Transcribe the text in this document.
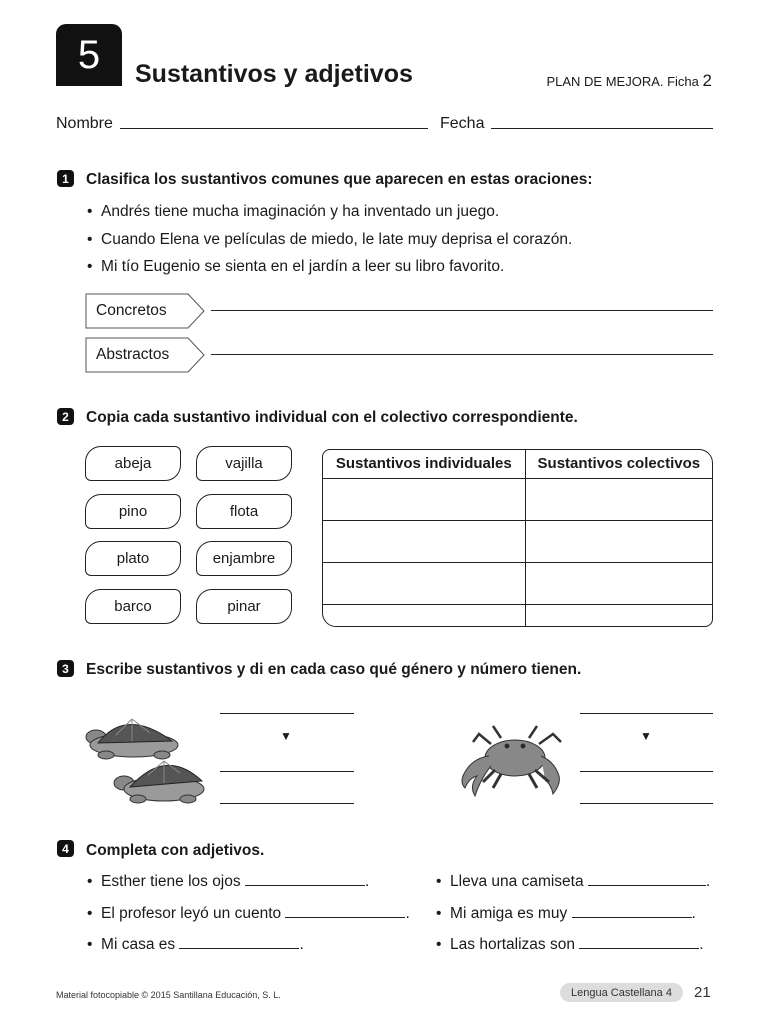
5 Sustantivos y adjetivos	PLAN DE MEJORA. Ficha 2
Nombre	Fecha
1	Clasifica los sustantivos comunes que aparecen en estas oraciones:
•  Andrés tiene mucha imaginación y ha inventado un juego.
•  Cuando Elena ve películas de miedo, le late muy deprisa el corazón.
•  Mi tío Eugenio se sienta en el jardín a leer su libro favorito.
Concretos
Abstractos
2	Copia cada sustantivo individual con el colectivo correspondiente.
abeja	vajilla
pino	flota
plato	enjambre
barco	pinar
Sustantivos individuales	Sustantivos colectivos

3	Escribe sustantivos y di en cada caso qué género y número tienen.
▼	▼
4	Completa con adjetivos.
•  Esther tiene los ojos	.
•  El profesor leyó un cuento	.
•  Mi casa es	.
•  Lleva una camiseta	.
•  Mi amiga es muy	.
•  Las hortalizas son	.
Material fotocopiable © 2015 Santillana Educación, S. L.	Lengua Castellana 4	21
